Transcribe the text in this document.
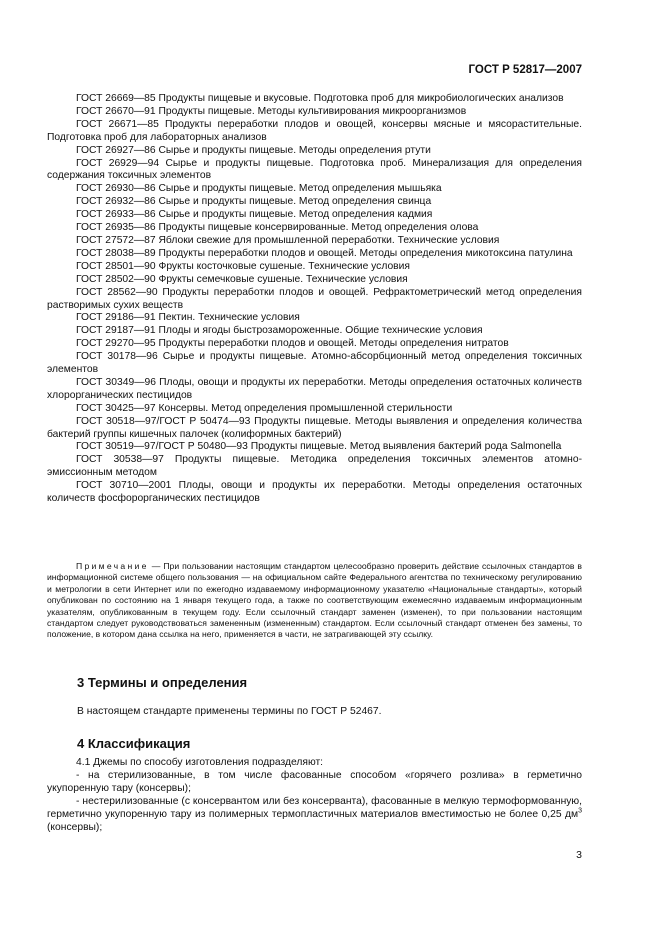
ГОСТ Р 52817—2007

ГОСТ 26669—85 Продукты пищевые и вкусовые. Подготовка проб для микробиологических анализов

ГОСТ 26670—91 Продукты пищевые. Методы культивирования микроорганизмов

ГОСТ 26671—85 Продукты переработки плодов и овощей, консервы мясные и мясорастительные. Подготовка проб для лабораторных анализов

ГОСТ 26927—86 Сырье и продукты пищевые. Методы определения ртути

ГОСТ 26929—94 Сырье и продукты пищевые. Подготовка проб. Минерализация для определения содержания токсичных элементов

ГОСТ 26930—86 Сырье и продукты пищевые. Метод определения мышьяка

ГОСТ 26932—86 Сырье и продукты пищевые. Метод определения свинца

ГОСТ 26933—86 Сырье и продукты пищевые. Метод определения кадмия

ГОСТ 26935—86 Продукты пищевые консервированные. Метод определения олова

ГОСТ 27572—87 Яблоки свежие для промышленной переработки. Технические условия

ГОСТ 28038—89 Продукты переработки плодов и овощей. Методы определения микотоксина патулина

ГОСТ 28501—90 Фрукты косточковые сушеные. Технические условия

ГОСТ 28502—90 Фрукты семечковые сушеные. Технические условия

ГОСТ 28562—90 Продукты переработки плодов и овощей. Рефрактометрический метод определения растворимых сухих веществ

ГОСТ 29186—91 Пектин. Технические условия

ГОСТ 29187—91 Плоды и ягоды быстрозамороженные. Общие технические условия

ГОСТ 29270—95 Продукты переработки плодов и овощей. Методы определения нитратов

ГОСТ 30178—96 Сырье и продукты пищевые. Атомно-абсорбционный метод определения токсичных элементов

ГОСТ 30349—96 Плоды, овощи и продукты их переработки. Методы определения остаточных количеств хлорорганических пестицидов

ГОСТ 30425—97 Консервы. Метод определения промышленной стерильности

ГОСТ 30518—97/ГОСТ Р 50474—93 Продукты пищевые. Методы выявления и определения количества бактерий группы кишечных палочек (колиформных бактерий)

ГОСТ 30519—97/ГОСТ Р 50480—93 Продукты пищевые. Метод выявления бактерий рода Salmonella

ГОСТ 30538—97 Продукты пищевые. Методика определения токсичных элементов атомно-эмиссионным методом

ГОСТ 30710—2001 Плоды, овощи и продукты их переработки. Методы определения остаточных количеств фосфорорганических пестицидов

Примечание — При пользовании настоящим стандартом целесообразно проверить действие ссылочных стандартов в информационной системе общего пользования — на официальном сайте Федерального агентства по техническому регулированию и метрологии в сети Интернет или по ежегодно издаваемому информационному указателю «Национальные стандарты», который опубликован по состоянию на 1 января текущего года, а также по соответствующим ежемесячно издаваемым информационным указателям, опубликованным в текущем году. Если ссылочный стандарт заменен (изменен), то при пользовании настоящим стандартом следует руководствоваться замененным (измененным) стандартом. Если ссылочный стандарт отменен без замены, то положение, в котором дана ссылка на него, применяется в части, не затрагивающей эту ссылку.
3 Термины и определения
В настоящем стандарте применены термины по ГОСТ Р 52467.
4 Классификация

4.1 Джемы по способу изготовления подразделяют:

- на стерилизованные, в том числе фасованные способом «горячего розлива» в герметично укупоренную тару (консервы);

- нестерилизованные (с консервантом или без консерванта), фасованные в мелкую термоформованную, герметично укупоренную тару из полимерных термопластичных материалов вместимостью не более 0,25 $дм^3$ (консервы);

3
